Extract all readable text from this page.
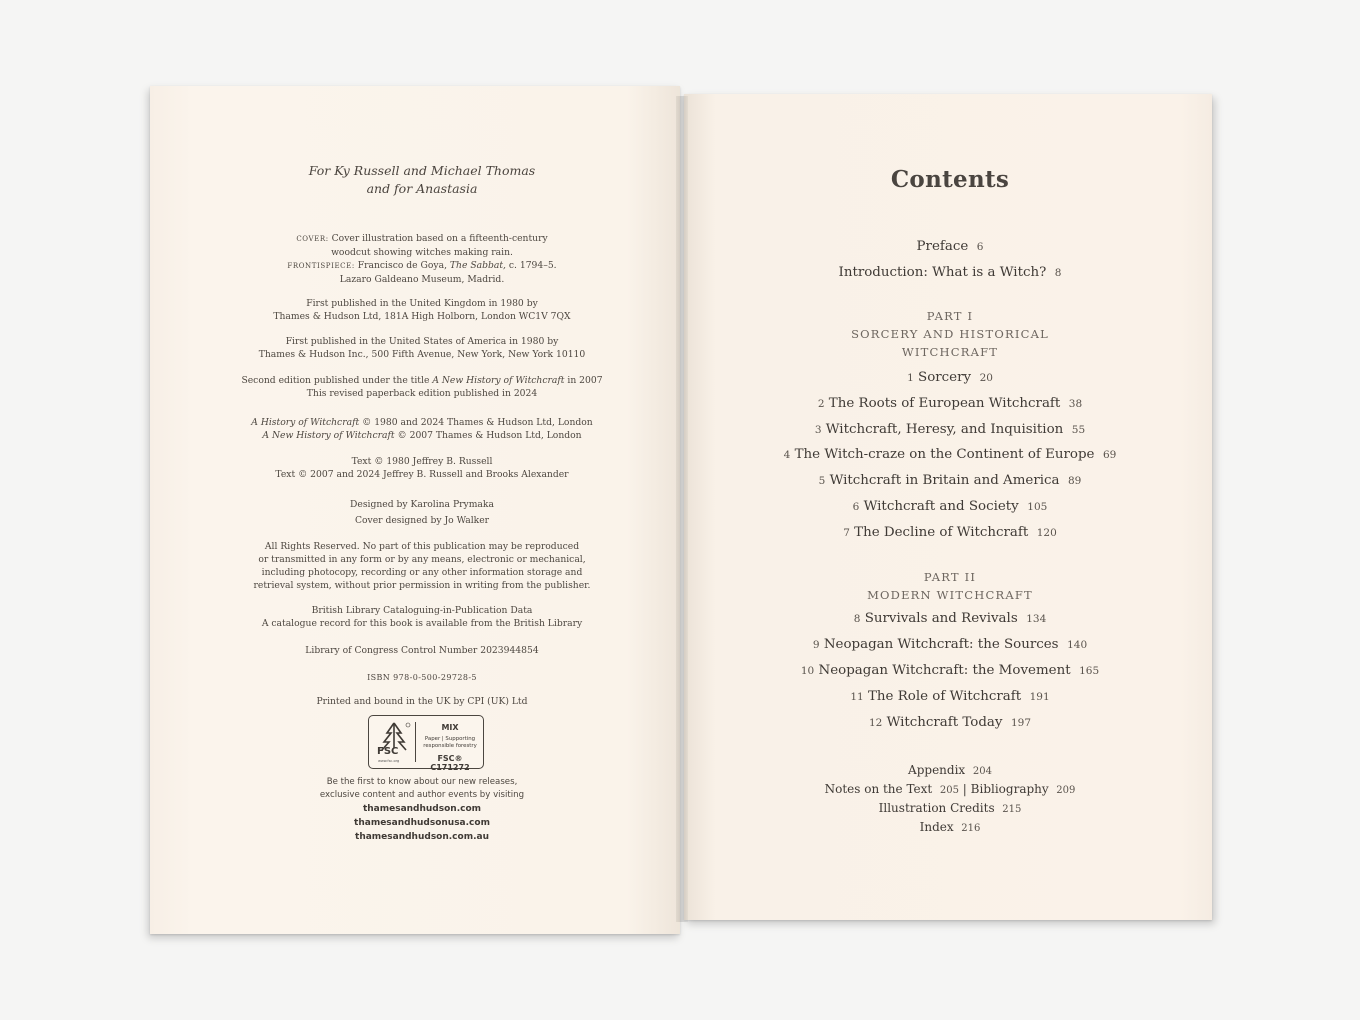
For Ky Russell and Michael Thomas
and for Anastasia
COVER: Cover illustration based on a fifteenth-century
woodcut showing witches making rain.
FRONTISPIECE: Francisco de Goya, The Sabbat, c. 1794–5.
Lazaro Galdeano Museum, Madrid.
First published in the United Kingdom in 1980 by
Thames & Hudson Ltd, 181A High Holborn, London WC1V 7QX
First published in the United States of America in 1980 by
Thames & Hudson Inc., 500 Fifth Avenue, New York, New York 10110
Second edition published under the title A New History of Witchcraft in 2007
This revised paperback edition published in 2024
A History of Witchcraft © 1980 and 2024 Thames & Hudson Ltd, London
A New History of Witchcraft © 2007 Thames & Hudson Ltd, London
Text © 1980 Jeffrey B. Russell
Text © 2007 and 2024 Jeffrey B. Russell and Brooks Alexander
Designed by Karolina Prymaka
Cover designed by Jo Walker
All Rights Reserved. No part of this publication may be reproduced
or transmitted in any form or by any means, electronic or mechanical,
including photocopy, recording or any other information storage and
retrieval system, without prior permission in writing from the publisher.
British Library Cataloguing-in-Publication Data
A catalogue record for this book is available from the British Library
Library of Congress Control Number 2023944854
ISBN 978-0-500-29728-5
Printed and bound in the UK by CPI (UK) Ltd
FSC
www.fsc.org
MIX
Paper | Supporting
responsible forestry
FSC® C171272
Be the first to know about our new releases,
exclusive content and author events by visiting
thamesandhudson.com
thamesandhudsonusa.com
thamesandhudson.com.au
Contents
Preface 6
Introduction: What is a Witch? 8
PART I
SORCERY AND HISTORICAL
WITCHCRAFT
1 Sorcery 20
2 The Roots of European Witchcraft 38
3 Witchcraft, Heresy, and Inquisition 55
4 The Witch-craze on the Continent of Europe 69
5 Witchcraft in Britain and America 89
6 Witchcraft and Society 105
7 The Decline of Witchcraft 120
PART II
MODERN WITCHCRAFT
8 Survivals and Revivals 134
9 Neopagan Witchcraft: the Sources 140
10 Neopagan Witchcraft: the Movement 165
11 The Role of Witchcraft 191
12 Witchcraft Today 197
Appendix 204
Notes on the Text 205 | Bibliography 209
Illustration Credits 215
Index 216
